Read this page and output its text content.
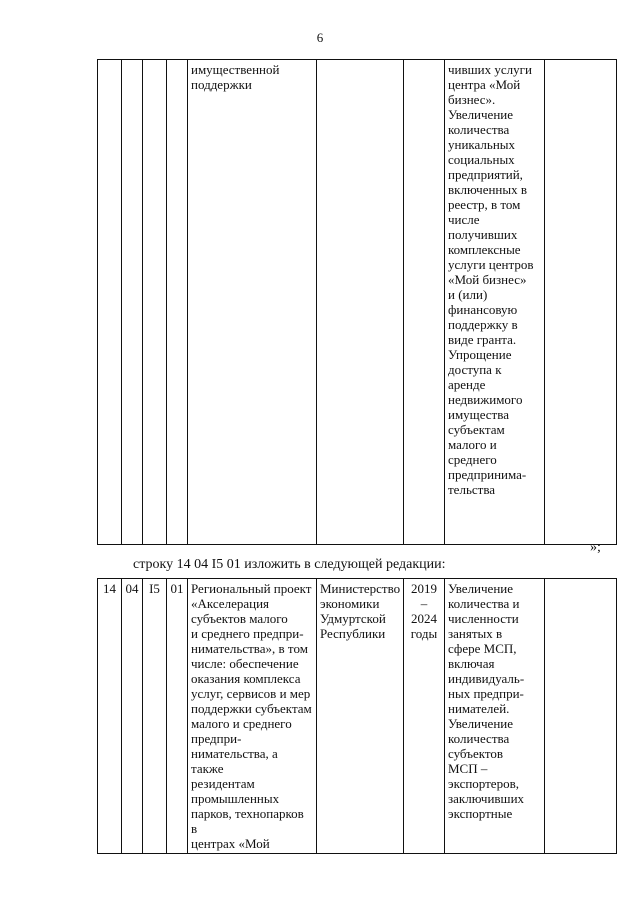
6
				имущественной
поддержки			чивших услуги
центра «Мой
бизнес».
Увеличение
количества
уникальных
социальных
предприятий,
включенных в
реестр, в том
числе
получивших
комплексные
услуги центров
«Мой бизнес»
и (или)
финансовую
поддержку в
виде гранта.
Упрощение
доступа к
аренде
недвижимого
имущества
субъектам
малого и
среднего
предпринима-
тельства	
»;
строку 14 04 I5 01 изложить в следующей редакции:
14	04	I5	01	Региональный проект
«Акселерация
субъектов малого
и среднего предпри-
нимательства», в том
числе: обеспечение
оказания комплекса
услуг, сервисов и мер
поддержки субъектам
малого и среднего
предпри-
нимательства, а также
резидентам
промышленных
парков, технопарков в
центрах «Мой	Министерство
экономики
Удмуртской
Республики	2019 –
2024
годы	Увеличение
количества и
численности
занятых в
сфере МСП,
включая
индивидуаль-
ных предпри-
нимателей.
Увеличение
количества
субъектов
МСП –
экспортеров,
заключивших
экспортные	
